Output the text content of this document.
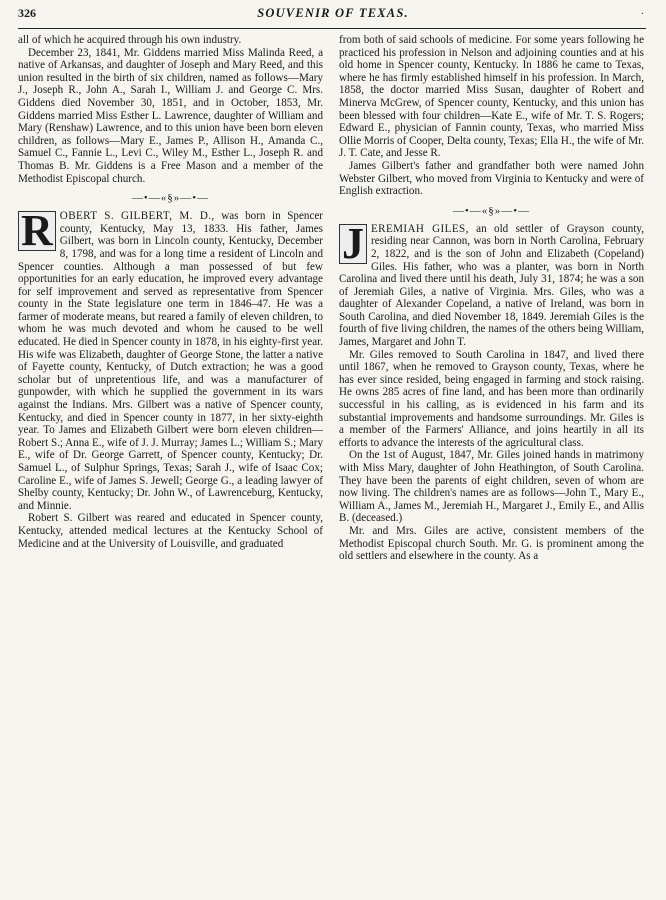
326	SOUVENIR OF TEXAS.	·

all of which he acquired through his own industry.

December 23, 1841, Mr. Giddens married Miss Malinda Reed, a native of Arkansas, and daughter of Joseph and Mary Reed, and this union resulted in the birth of six children, named as follows—Mary J., Joseph R., John A., Sarah I., William J. and George C. Mrs. Giddens died November 30, 1851, and in October, 1853, Mr. Giddens married Miss Esther L. Lawrence, daughter of William and Mary (Renshaw) Lawrence, and to this union have been born eleven children, as follows—Mary E., James P., Allison H., Amanda C., Samuel C., Fannie L., Levi C., Wiley M., Esther L., Joseph R. and Thomas B. Mr. Giddens is a Free Mason and a member of the Methodist Episcopal church.

—•—«§»—•—

R OBERT S. GILBERT, M. D., was born in Spencer county, Kentucky, May 13, 1833. His father, James Gilbert, was born in Lincoln county, Kentucky, December 8, 1798, and was for a long time a resident of Lincoln and Spencer counties. Although a man possessed of but few opportunities for an early education, he improved every advantage for self improvement and served as representative from Spencer county in the State legislature one term in 1846–47. He was a farmer of moderate means, but reared a family of eleven children, to whom he was much devoted and whom he caused to be well educated. He died in Spencer county in 1878, in his eighty-first year. His wife was Elizabeth, daughter of George Stone, the latter a native of Fayette county, Kentucky, of Dutch extraction; he was a good scholar but of unpretentious life, and was a manufacturer of gunpowder, with which he supplied the government in its wars against the Indians. Mrs. Gilbert was a native of Spencer county, Kentucky, and died in Spencer county in 1877, in her sixty-eighth year. To James and Elizabeth Gilbert were born eleven children—Robert S.; Anna E., wife of J. J. Murray; James L.; William S.; Mary E., wife of Dr. George Garrett, of Spencer county, Kentucky; Dr. Samuel L., of Sulphur Springs, Texas; Sarah J., wife of Isaac Cox; Caroline E., wife of James S. Jewell; George G., a leading lawyer of Shelby county, Kentucky; Dr. John W., of Lawrenceburg, Kentucky, and Minnie.

Robert S. Gilbert was reared and educated in Spencer county, Kentucky, attended medical lectures at the Kentucky School of Medicine and at the University of Louisville, and graduated

from both of said schools of medicine. For some years following he practiced his profession in Nelson and adjoining counties and at his old home in Spencer county, Kentucky. In 1886 he came to Texas, where he has firmly established himself in his profession. In March, 1858, the doctor married Miss Susan, daughter of Robert and Minerva McGrew, of Spencer county, Kentucky, and this union has been blessed with four children—Kate E., wife of Mr. T. S. Rogers; Edward E., physician of Fannin county, Texas, who married Miss Ollie Morris of Cooper, Delta county, Texas; Ella H., the wife of Mr. J. T. Cate, and Jesse R.

James Gilbert's father and grandfather both were named John Webster Gilbert, who moved from Virginia to Kentucky and were of English extraction.

—•—«§»—•—

J EREMIAH GILES, an old settler of Grayson county, residing near Cannon, was born in North Carolina, February 2, 1822, and is the son of John and Elizabeth (Copeland) Giles. His father, who was a planter, was born in North Carolina and lived there until his death, July 31, 1874; he was a son of Jeremiah Giles, a native of Virginia. Mrs. Giles, who was a daughter of Alexander Copeland, a native of Ireland, was born in South Carolina, and died November 18, 1849. Jeremiah Giles is the fourth of five living children, the names of the others being William, James, Margaret and John T.

Mr. Giles removed to South Carolina in 1847, and lived there until 1867, when he removed to Grayson county, Texas, where he has ever since resided, being engaged in farming and stock raising. He owns 285 acres of fine land, and has been more than ordinarily successful in his calling, as is evidenced in his farm and its substantial improvements and handsome surroundings. Mr. Giles is a member of the Farmers' Alliance, and joins heartily in all its efforts to advance the interests of the agricultural class.

On the 1st of August, 1847, Mr. Giles joined hands in matrimony with Miss Mary, daughter of John Heathington, of South Carolina. They have been the parents of eight children, seven of whom are now living. The children's names are as follows—John T., Mary E., William A., James M., Jeremiah H., Margaret J., Emily E., and Allis B. (deceased.)

Mr. and Mrs. Giles are active, consistent members of the Methodist Episcopal church South. Mr. G. is prominent among the old settlers and elsewhere in the county. As a
